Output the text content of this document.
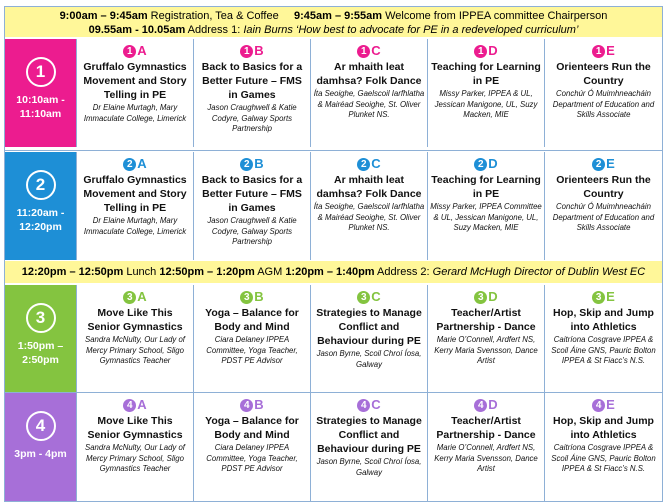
9:00am – 9:45am Registration, Tea & Coffee 9:45am – 9:55am Welcome from IPPEA committee Chairperson
09.55am - 10.05am Address 1: Iain Burns ‘How best to advocate for PE in a redeveloped curriculum’
1
10:10am -
11:10am
1 A
Gruffalo Gymnastics Movement and Story Telling in PE
Dr Elaine Murtagh, Mary Immaculate College, Limerick
1 B
Back to Basics for a Better Future – FMS in Games
Jason Craughwell & Katie Codyre, Galway Sports Partnership
1 C
Ar mhaith leat damhsa? Folk Dance
Íta Seoighe, Gaelscoil Iarfhlatha & Mairéad Seoighe, St. Oliver Plunket NS.
1 D
Teaching for Learning in PE
Missy Parker, IPPEA & UL, Jessican Manigone, UL, Suzy Macken, MIE
1 E
Orienteers Run the Country
Conchúr Ó Muimhneacháin Department of Education and Skills Associate
2
11:20am -
12:20pm
2 A
Gruffalo Gymnastics Movement and Story Telling in PE
Dr Elaine Murtagh, Mary Immaculate College, Limerick
2 B
Back to Basics for a Better Future – FMS in Games
Jason Craughwell & Katie Codyre, Galway Sports Partnership
2 C
Ar mhaith leat damhsa? Folk Dance
Íta Seoighe, Gaelscoil Iarfhlatha & Mairéad Seoighe, St. Oliver Plunket NS.
2 D
Teaching for Learning in PE
Missy Parker, IPPEA Committee & UL, Jessican Manigone, UL, Suzy Macken, MIE
2 E
Orienteers Run the Country
Conchúr Ó Muimhneacháin Department of Education and Skills Associate
12:20pm – 12:50pm Lunch 12:50pm – 1:20pm AGM 1:20pm – 1:40pm Address 2: Gerard McHugh Director of Dublin West EC
3
1:50pm –
2:50pm
3 A
Move Like This Senior Gymnastics
Sandra McNulty, Our Lady of Mercy Primary School, Sligo Gymnastics Teacher
3 B
Yoga – Balance for Body and Mind
Ciara Delaney IPPEA Committee, Yoga Teacher, PDST PE Advisor
3 C
Strategies to Manage Conflict and Behaviour during PE
Jason Byrne, Scoil Chroí Íosa, Galway
3 D
Teacher/Artist Partnership - Dance
Marie O’Connell, Ardfert NS, Kerry Maria Svensson, Dance Artist
3 E
Hop, Skip and Jump into Athletics
Caitríona Cosgrave IPPEA & Scoil Áine GNS, Pauric Bolton IPPEA & St Fiacc’s N.S.
4
3pm - 4pm
4 A
Move Like This Senior Gymnastics
Sandra McNulty, Our Lady of Mercy Primary School, Sligo Gymnastics Teacher
4 B
Yoga – Balance for Body and Mind
Ciara Delaney IPPEA Committee, Yoga Teacher, PDST PE Advisor
4 C
Strategies to Manage Conflict and Behaviour during PE
Jason Byrne, Scoil Chroí Íosa, Galway
4 D
Teacher/Artist Partnership - Dance
Marie O’Connell, Ardfert NS, Kerry Maria Svensson, Dance Artist
4 E
Hop, Skip and Jump into Athletics
Caitríona Cosgrave IPPEA & Scoil Áine GNS, Pauric Bolton IPPEA & St Fiacc’s N.S.
